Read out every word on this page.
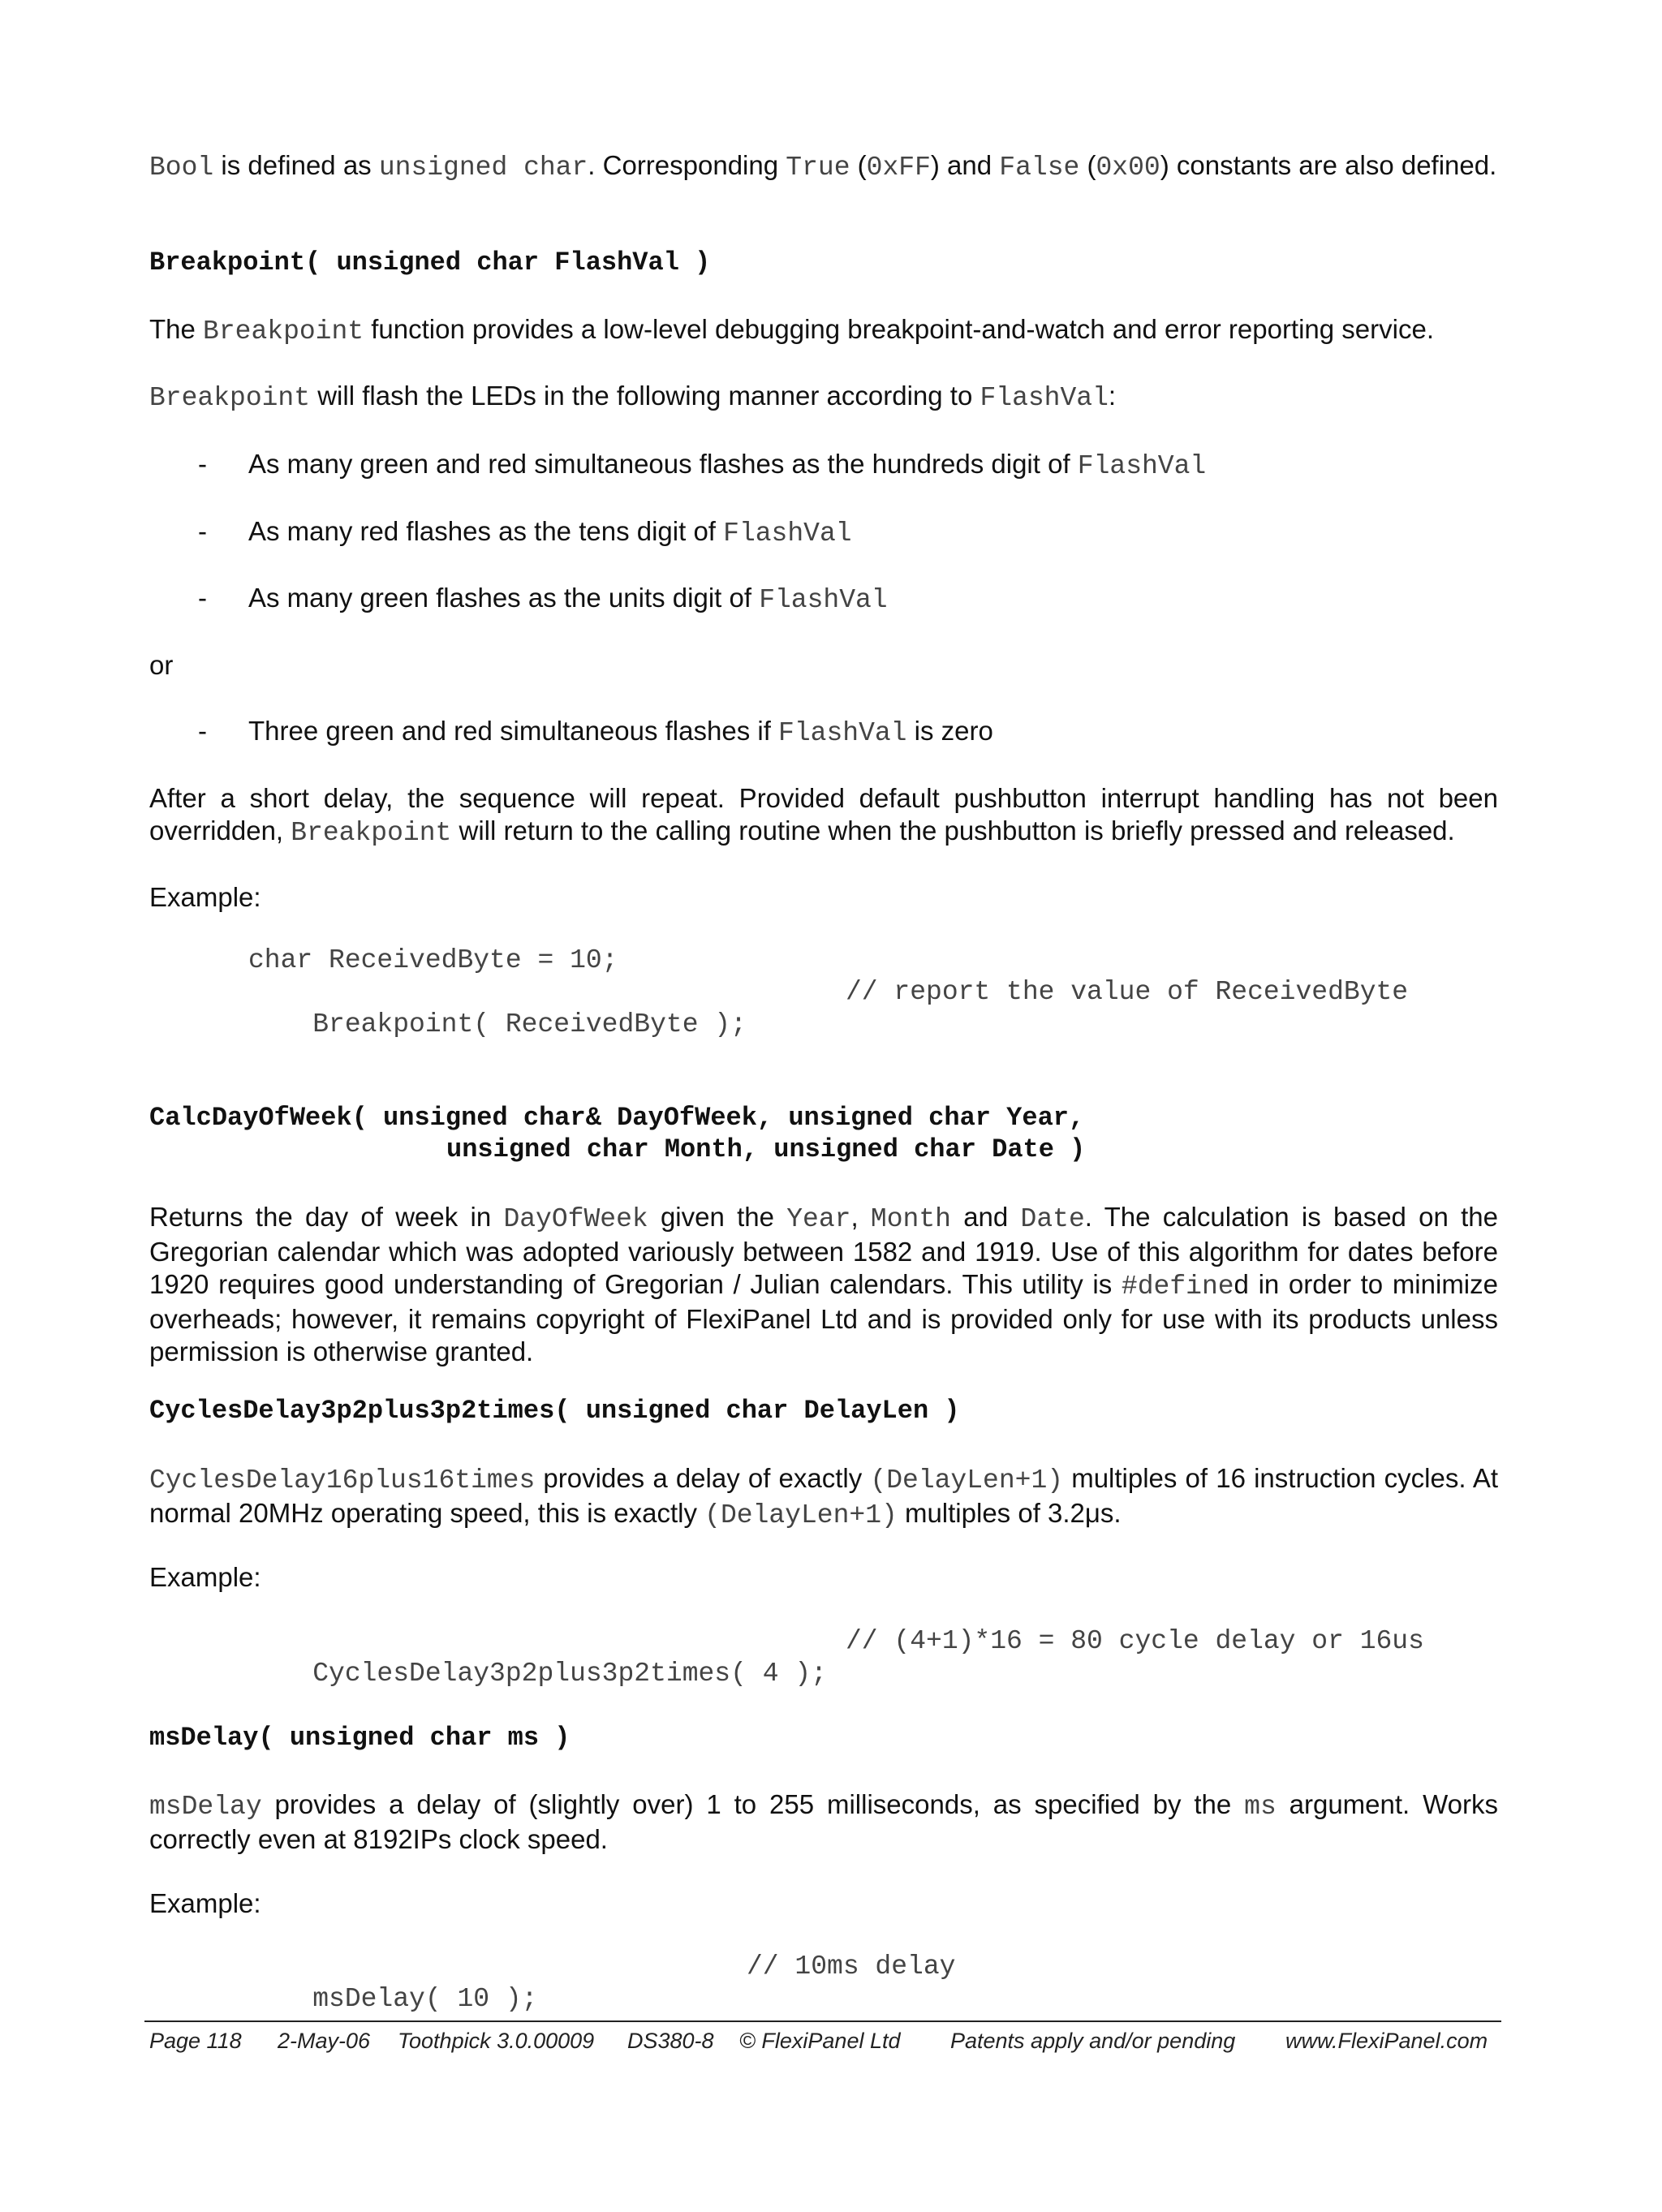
Bool is defined as unsigned char. Corresponding True (0xFF) and False (0x00) constants are also defined.
Breakpoint( unsigned char FlashVal )
The Breakpoint function provides a low-level debugging breakpoint-and-watch and error reporting service.
Breakpoint will flash the LEDs in the following manner according to FlashVal:
- As many green and red simultaneous flashes as the hundreds digit of FlashVal
- As many red flashes as the tens digit of FlashVal
- As many green flashes as the units digit of FlashVal
or
- Three green and red simultaneous flashes if FlashVal is zero
After a short delay, the sequence will repeat. Provided default pushbutton interrupt handling has not been overridden, Breakpoint will return to the calling routine when the pushbutton is briefly pressed and released.
Example:
char ReceivedByte = 10;

Breakpoint( ReceivedByte );

// report the value of ReceivedByte

CalcDayOfWeek( unsigned char& DayOfWeek, unsigned char Year,
unsigned char Month, unsigned char Date )
Returns the day of week in DayOfWeek given the Year, Month and Date. The calculation is based on the Gregorian calendar which was adopted variously between 1582 and 1919. Use of this algorithm for dates before 1920 requires good understanding of Gregorian / Julian calendars. This utility is #defined in order to minimize overheads; however, it remains copyright of FlexiPanel Ltd and is provided only for use with its products unless permission is otherwise granted.
CyclesDelay3p2plus3p2times( unsigned char DelayLen )
CyclesDelay16plus16times provides a delay of exactly (DelayLen+1) multiples of 16 instruction cycles. At normal 20MHz operating speed, this is exactly (DelayLen+1) multiples of 3.2μs.
Example:

CyclesDelay3p2plus3p2times( 4 );

// (4+1)*16 = 80 cycle delay or 16us

msDelay( unsigned char ms )
msDelay provides a delay of (slightly over) 1 to 255 milliseconds, as specified by the ms argument. Works correctly even at 8192IPs clock speed.
Example:

msDelay( 10 );

// 10ms delay

Page 118 2-May-06 Toothpick 3.0.00009 DS380-8 © FlexiPanel Ltd Patents apply and/or pending www.FlexiPanel.com
